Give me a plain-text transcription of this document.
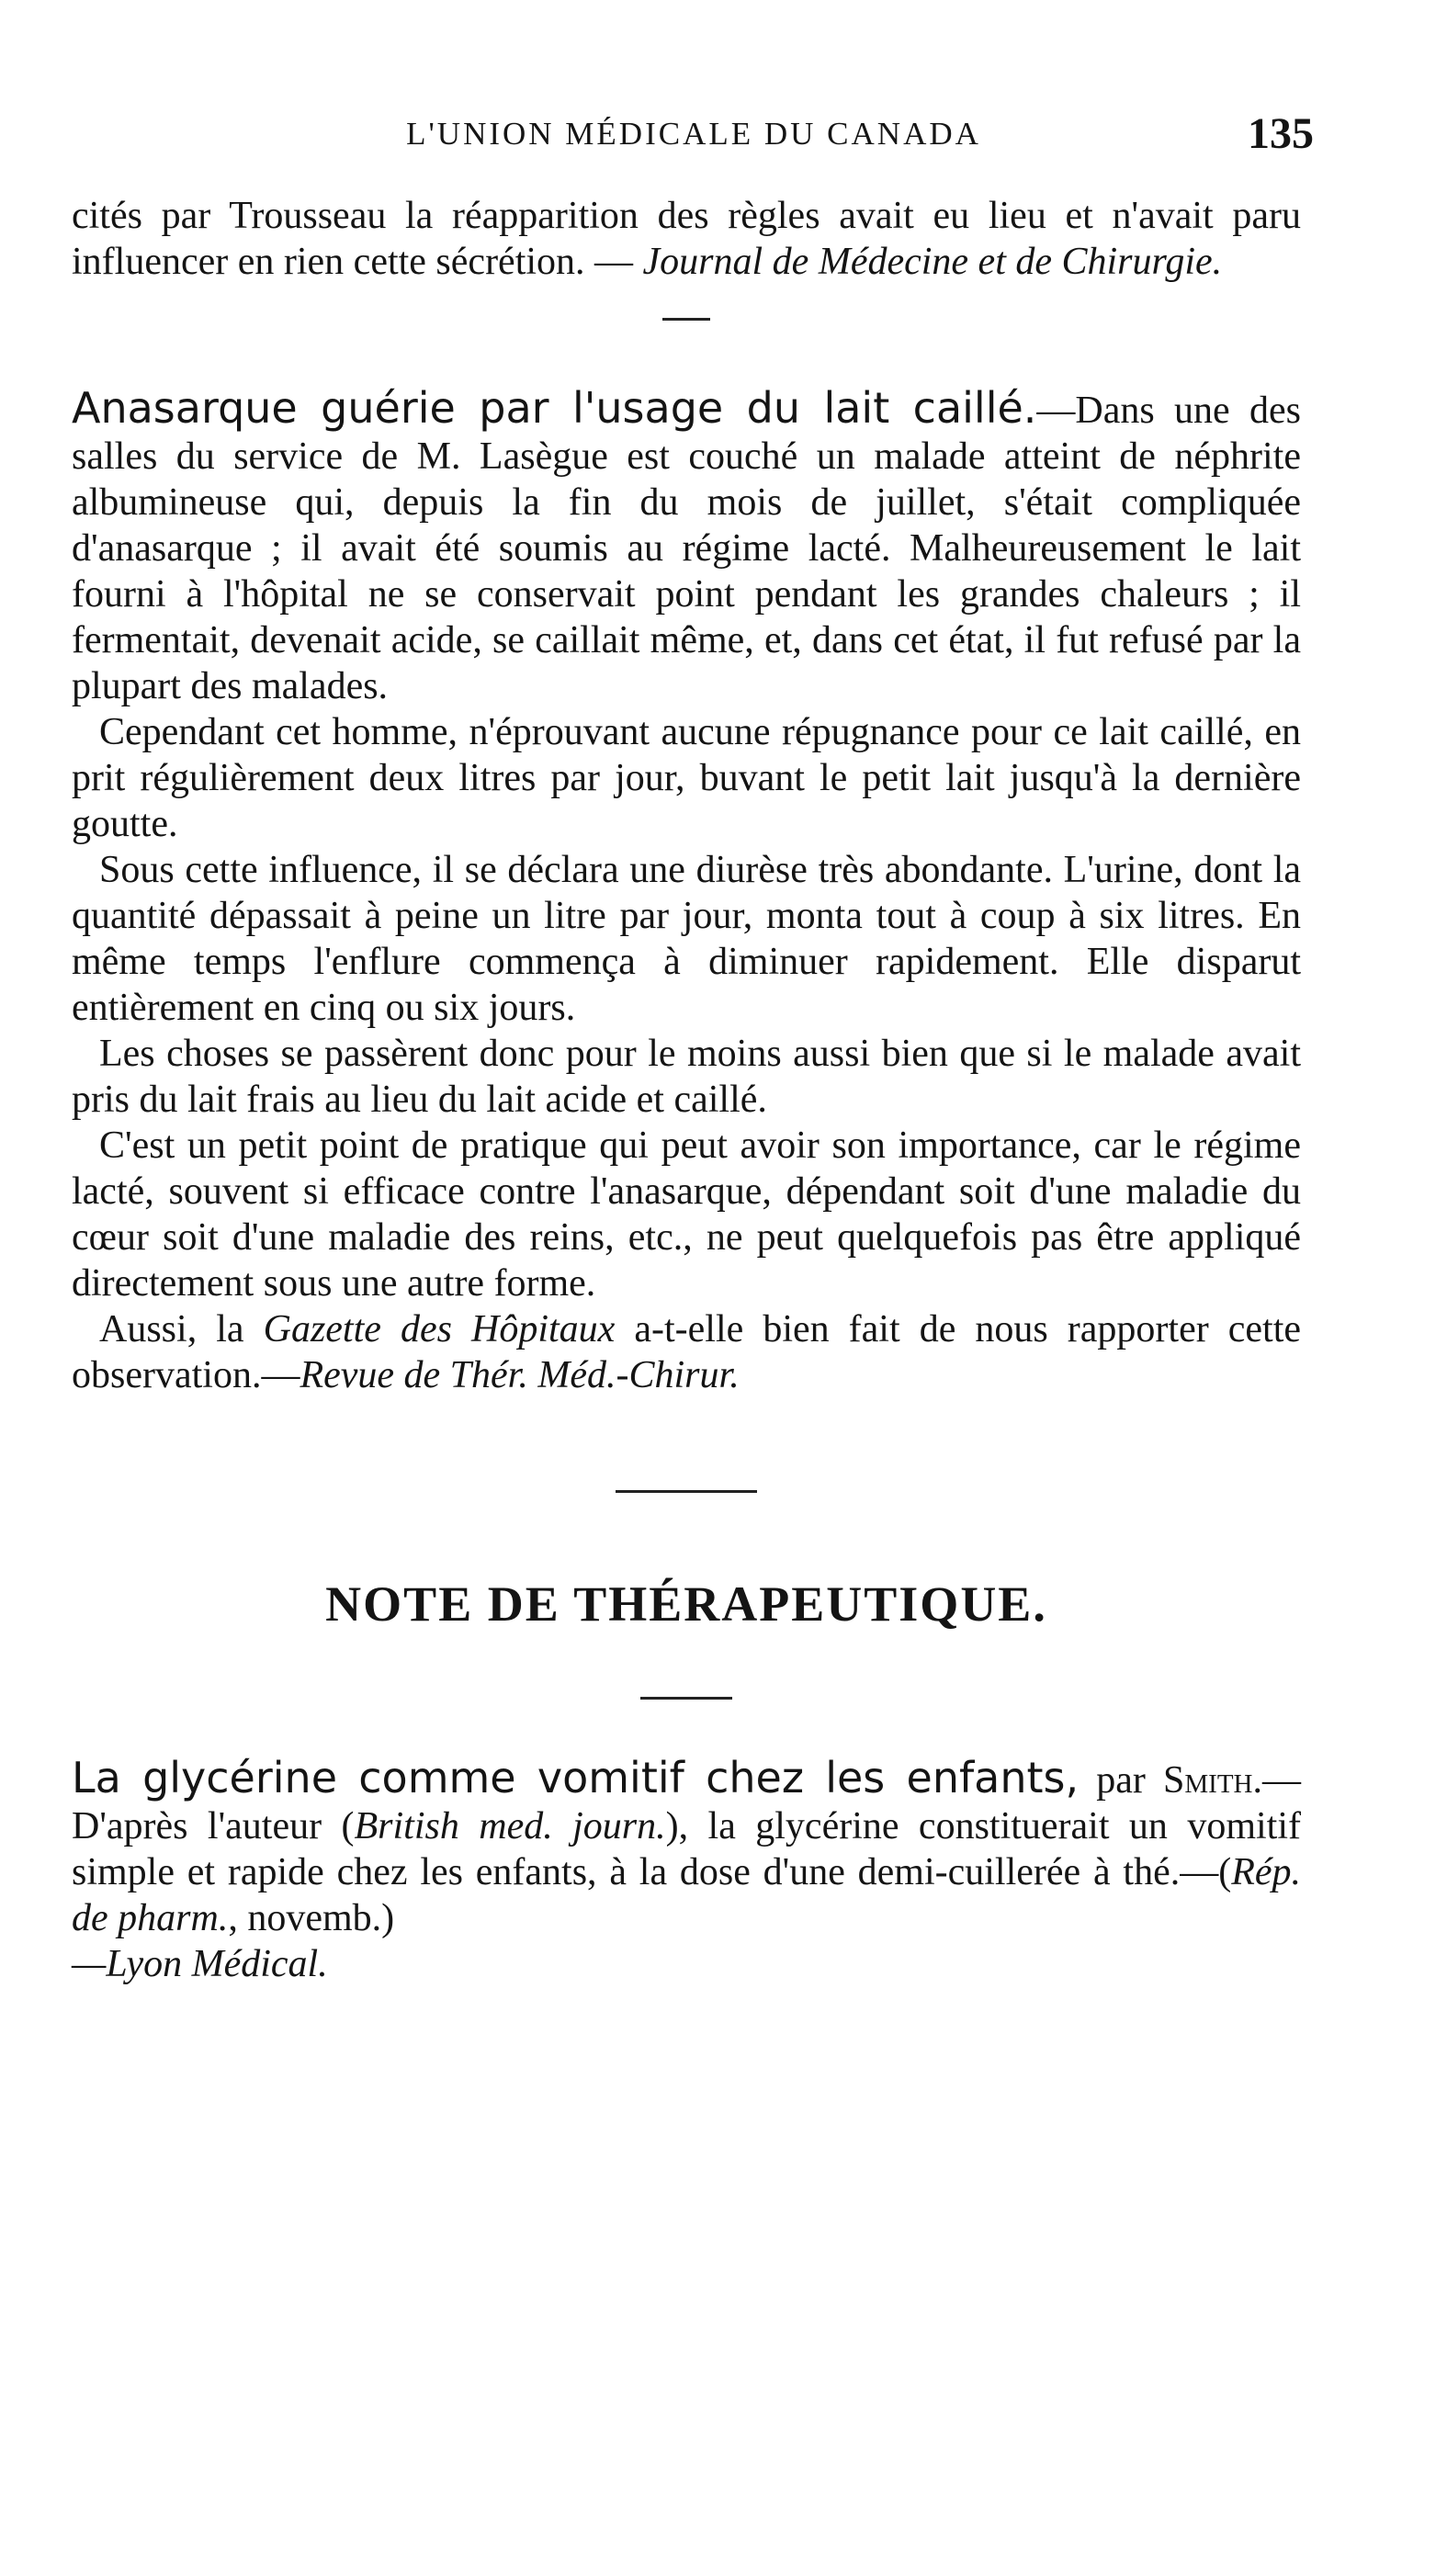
L'UNION MÉDICALE DU CANADA	135

cités par Trousseau la réapparition des règles avait eu lieu et n'avait paru influencer en rien cette sécrétion. — Journal de Médecine et de Chirurgie.

Anasarque guérie par l'usage du lait caillé.—Dans une des salles du service de M. Lasègue est couché un malade atteint de néphrite albumineuse qui, depuis la fin du mois de juillet, s'était compliquée d'anasarque ; il avait été soumis au régime lacté. Malheureusement le lait fourni à l'hôpital ne se conservait point pendant les grandes chaleurs ; il fermentait, devenait acide, se caillait même, et, dans cet état, il fut refusé par la plupart des malades.

Cependant cet homme, n'éprouvant aucune répugnance pour ce lait caillé, en prit régulièrement deux litres par jour, buvant le petit lait jusqu'à la dernière goutte.

Sous cette influence, il se déclara une diurèse très abondante. L'urine, dont la quantité dépassait à peine un litre par jour, monta tout à coup à six litres. En même temps l'enflure commença à diminuer rapidement. Elle disparut entièrement en cinq ou six jours.

Les choses se passèrent donc pour le moins aussi bien que si le malade avait pris du lait frais au lieu du lait acide et caillé.

C'est un petit point de pratique qui peut avoir son importance, car le régime lacté, souvent si efficace contre l'anasarque, dépendant soit d'une maladie du cœur soit d'une maladie des reins, etc., ne peut quelquefois pas être appliqué directement sous une autre forme.

Aussi, la Gazette des Hôpitaux a-t-elle bien fait de nous rapporter cette observation.—Revue de Thér. Méd.-Chirur.

NOTE DE THÉRAPEUTIQUE.

La glycérine comme vomitif chez les enfants, par Smith.—D'après l'auteur (British med. journ.), la glycérine constituerait un vomitif simple et rapide chez les enfants, à la dose d'une demi-cuillerée à thé.—(Rép. de pharm., novemb.)
—Lyon Médical.
